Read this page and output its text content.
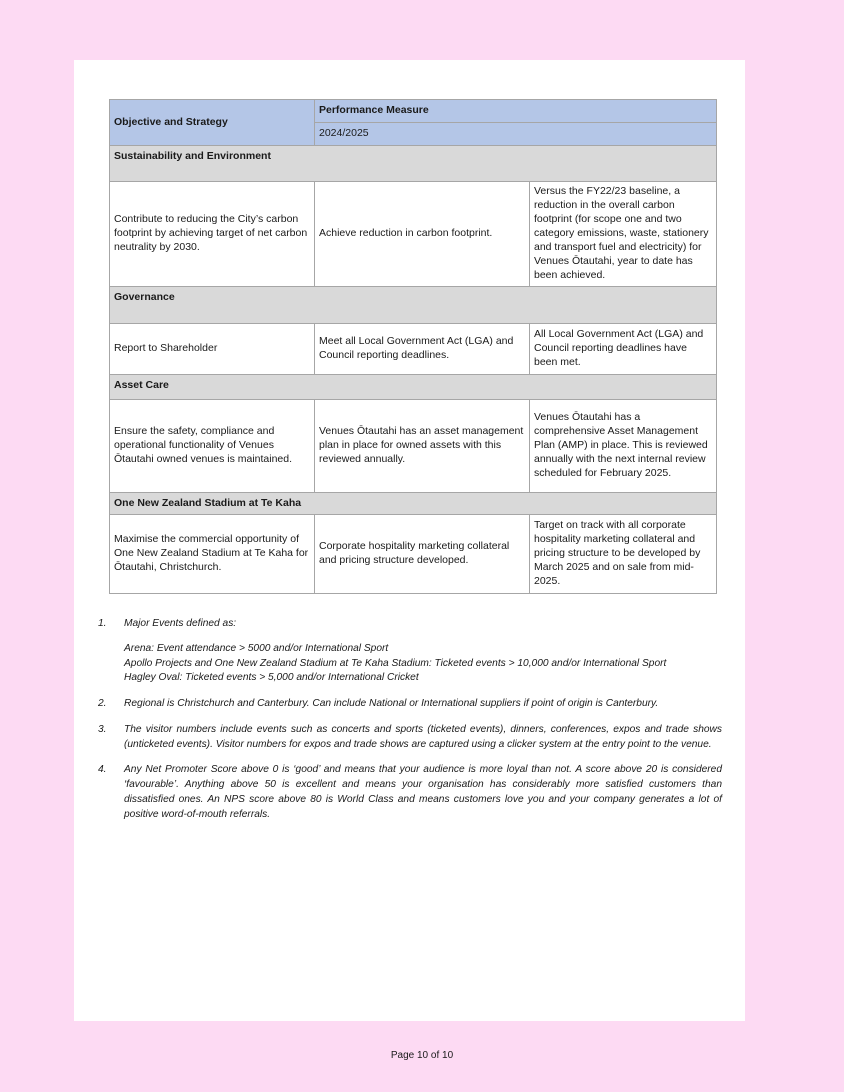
Objective and Strategy	Performance Measure	
	2024/2025	
Sustainability and Environment		
Contribute to reducing the City’s carbon footprint by achieving target of net carbon neutrality by 2030.	Achieve reduction in carbon footprint.	Versus the FY22/23 baseline, a reduction in the overall carbon footprint (for scope one and two category emissions, waste, stationery and transport fuel and electricity) for Venues Ōtautahi, year to date has been achieved.
Governance		
Report to Shareholder	Meet all Local Government Act (LGA) and Council reporting deadlines.	All Local Government Act (LGA) and Council reporting deadlines have been met.
Asset Care		
Ensure the safety, compliance and operational functionality of Venues Ōtautahi owned venues is maintained.	Venues Ōtautahi has an asset management plan in place for owned assets with this reviewed annually.	Venues Ōtautahi has a comprehensive Asset Management Plan (AMP) in place. This is reviewed annually with the next internal review scheduled for February 2025.
One New Zealand Stadium at Te Kaha		
Maximise the commercial opportunity of One New Zealand Stadium at Te Kaha for Ōtautahi, Christchurch.	Corporate hospitality marketing collateral and pricing structure developed.	Target on track with all corporate hospitality marketing collateral and pricing structure to be developed by March 2025 and on sale from mid-2025.
1.	Major Events defined as:

Arena: Event attendance > 5000 and/or International Sport

Apollo Projects and One New Zealand Stadium at Te Kaha Stadium: Ticketed events > 10,000 and/or International Sport

Hagley Oval: Ticketed events > 5,000 and/or International Cricket

2.	Regional is Christchurch and Canterbury. Can include National or International suppliers if point of origin is Canterbury.

3.	The visitor numbers include events such as concerts and sports (ticketed events), dinners, conferences, expos and trade shows (unticketed events). Visitor numbers for expos and trade shows are captured using a clicker system at the entry point to the venue.

4.	Any Net Promoter Score above 0 is ‘good’ and means that your audience is more loyal than not. A score above 20 is considered ‘favourable’. Anything above 50 is excellent and means your organisation has considerably more satisfied customers than dissatisfied ones. An NPS score above 80 is World Class and means customers love you and your company generates a lot of positive word-of-mouth referrals.

Page 10 of 10
